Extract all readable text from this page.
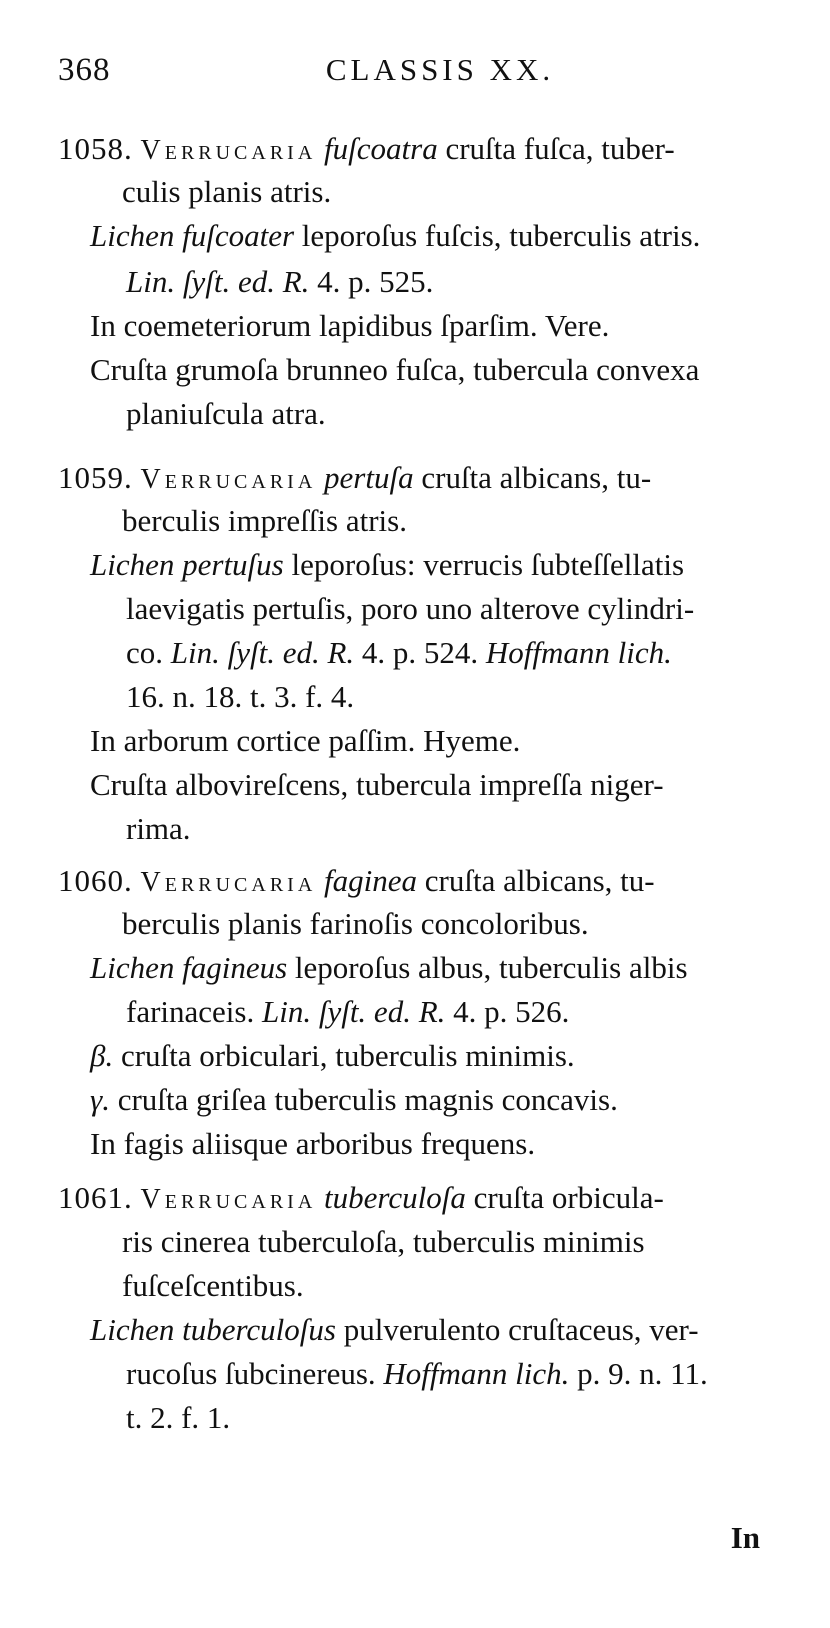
368	CLASSIS XX.
1058. Verrucaria fuſcoatra cruſta fuſca, tuber-
culis planis atris.
Lichen fuſcoater leporoſus fuſcis, tuberculis atris.
Lin. ſyſt. ed. R. 4. p. 525.
In coemeteriorum lapidibus ſparſim. Vere.
Cruſta grumoſa brunneo fuſca, tubercula convexa
planiuſcula atra.
1059. Verrucaria pertuſa cruſta albicans, tu-
berculis impreſſis atris.
Lichen pertuſus leporoſus: verrucis ſubteſſellatis
laevigatis pertuſis, poro uno alterove cylindri-
co. Lin. ſyſt. ed. R. 4. p. 524. Hoffmann lich.
16. n. 18. t. 3. f. 4.
In arborum cortice paſſim. Hyeme.
Cruſta albovireſcens, tubercula impreſſa niger-
rima.
1060. Verrucaria faginea cruſta albicans, tu-
berculis planis farinoſis concoloribus.
Lichen fagineus leporoſus albus, tuberculis albis
farinaceis. Lin. ſyſt. ed. R. 4. p. 526.
β. cruſta orbiculari, tuberculis minimis.
γ. cruſta griſea tuberculis magnis concavis.
In fagis aliisque arboribus frequens.
1061. Verrucaria tuberculoſa cruſta orbicula-
ris cinerea tuberculoſa, tuberculis minimis
fuſceſcentibus.
Lichen tuberculoſus pulverulento cruſtaceus, ver-
rucoſus ſubcinereus. Hoffmann lich. p. 9. n. 11.
t. 2. f. 1.
In
